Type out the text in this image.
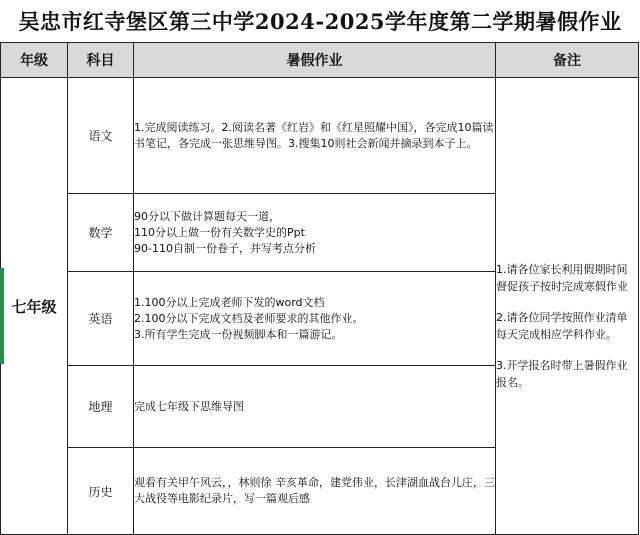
吴忠市红寺堡区第三中学2024-2025学年度第二学期暑假作业
年级	科目	暑假作业	备注

七年级	语文	1.完成阅读练习。2.阅读名著《红岩》和《红星照耀中国》，各完成10篇读书笔记，各完成一张思维导图。3.搜集10则社会新闻并摘录到本子上。	1.请各位家长利用假期时间督促孩子按时完成寒假作业

2.请各位同学按照作业清单每天完成相应学科作业。

3.开学报名时带上暑假作业报名。

	数学	90分以下做计算题每天一道，
110分以上做一份有关数学史的Ppt
90-110自制一份卷子，并写考点分析	

	英语	1.100分以上完成老师下发的word文档
2.100分以下完成文档及老师要求的其他作业。
3.所有学生完成一份视频脚本和一篇游记。	

	地理	完成七年级下思维导图	

	历史	观看有关甲午风云，，林则徐 辛亥革命，建党伟业，长津湖血战台儿庄，三大战役等电影纪录片，写一篇观后感	
